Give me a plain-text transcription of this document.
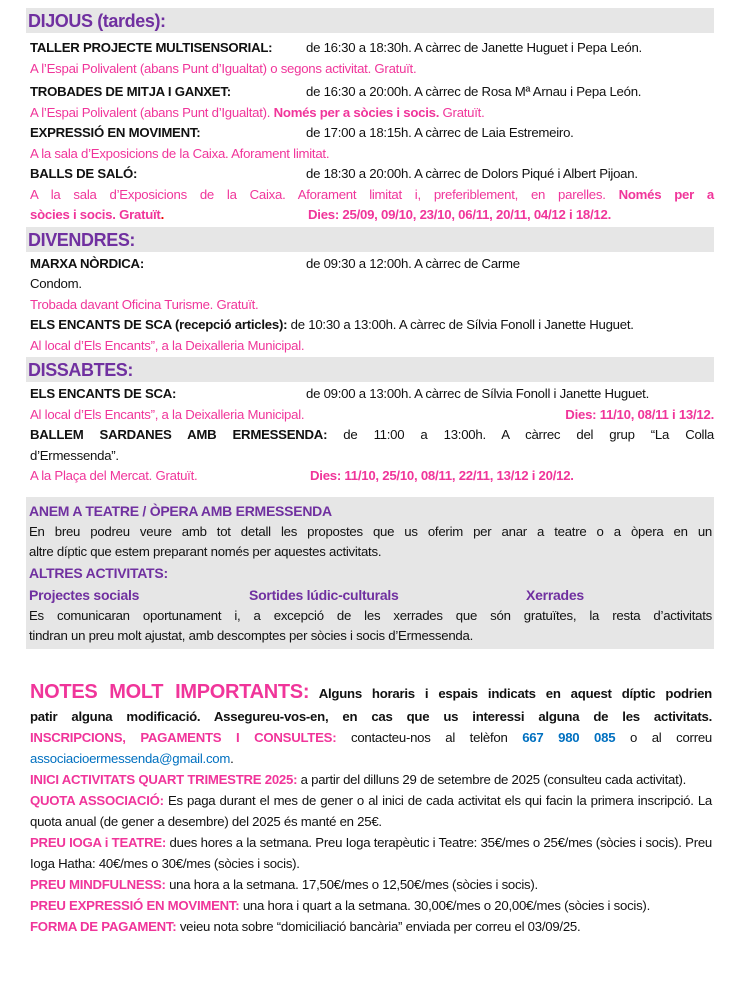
DIJOUS (tardes):
TALLER PROJECTE MULTISENSORIAL:	de 16:30 a 18:30h. A càrrec de Janette Huguet i Pepa León.
A l’Espai Polivalent (abans Punt d’Igualtat) o segons activitat. Gratuït.
TROBADES DE MITJA I GANXET:	de 16:30 a 20:00h. A càrrec de Rosa Mª Arnau i Pepa León.
A l’Espai Polivalent (abans Punt d’Igualtat). Només per a sòcies i socis. Gratuït.
EXPRESSIÓ EN MOVIMENT:	de 17:00 a 18:15h. A càrrec de Laia Estremeiro.
A la sala d’Exposicions de la Caixa. Aforament limitat.
BALLS DE SALÓ:	de 18:30 a 20:00h. A càrrec de Dolors Piqué i Albert Pijoan.
A la sala d’Exposicions de la Caixa. Aforament limitat i, preferiblement, en parelles. Només per a
sòcies i socis. Gratuït.	Dies: 25/09, 09/10, 23/10, 06/11, 20/11, 04/12 i 18/12.
DIVENDRES:
MARXA NÒRDICA:	de 09:30 a 12:00h. A càrrec de Carme
Condom.
Trobada davant Oficina Turisme. Gratuït.
ELS ENCANTS DE SCA (recepció articles): de 10:30 a 13:00h. A càrrec de Sílvia Fonoll i Janette Huguet.
Al local d’Els Encants”, a la Deixalleria Municipal.
DISSABTES:
ELS ENCANTS DE SCA:	de 09:00 a 13:00h. A càrrec de Sílvia Fonoll i Janette Huguet.
Al local d’Els Encants”, a la Deixalleria Municipal.	Dies: 11/10, 08/11 i 13/12.
BALLEM SARDANES AMB ERMESSENDA: de 11:00 a 13:00h. A càrrec del grup “La Colla
d’Ermessenda”.
A la Plaça del Mercat. Gratuït.	Dies: 11/10, 25/10, 08/11, 22/11, 13/12 i 20/12.
ANEM A TEATRE / ÒPERA AMB ERMESSENDA
En breu podreu veure amb tot detall les propostes que us oferim per anar a teatre o a òpera en un
altre díptic que estem preparant només per aquestes activitats.
ALTRES ACTIVITATS:
Projectes socials	Sortides lúdic-culturals	Xerrades
Es comunicaran oportunament i, a excepció de les xerrades que són gratuïtes, la resta d’activitats
tindran un preu molt ajustat, amb descomptes per sòcies i socis d’Ermessenda.

NOTES MOLT IMPORTANTS: Alguns horaris i espais indicats en aquest díptic podrien

patir alguna modificació. Assegureu-vos-en, en cas que us interessi alguna de les activitats.

INSCRIPCIONS, PAGAMENTS I CONSULTES: contacteu-nos al telèfon 667 980 085 o al correu

associacioermessenda@gmail.com.

INICI ACTIVITATS QUART TRIMESTRE 2025: a partir del dilluns 29 de setembre de 2025 (consulteu cada activitat).

QUOTA ASSOCIACIÓ: Es paga durant el mes de gener o al inici de cada activitat els qui facin la primera inscripció. La quota anual (de gener a desembre) del 2025 és manté en 25€.

PREU IOGA i TEATRE: dues hores a la setmana. Preu Ioga terapèutic i Teatre: 35€/mes o 25€/mes (sòcies i socis). Preu Ioga Hatha: 40€/mes o 30€/mes (sòcies i socis).

PREU MINDFULNESS: una hora a la setmana. 17,50€/mes o 12,50€/mes (sòcies i socis).

PREU EXPRESSIÓ EN MOVIMENT: una hora i quart a la setmana. 30,00€/mes o 20,00€/mes (sòcies i socis).

FORMA DE PAGAMENT: veieu nota sobre “domiciliació bancària” enviada per correu el 03/09/25.
